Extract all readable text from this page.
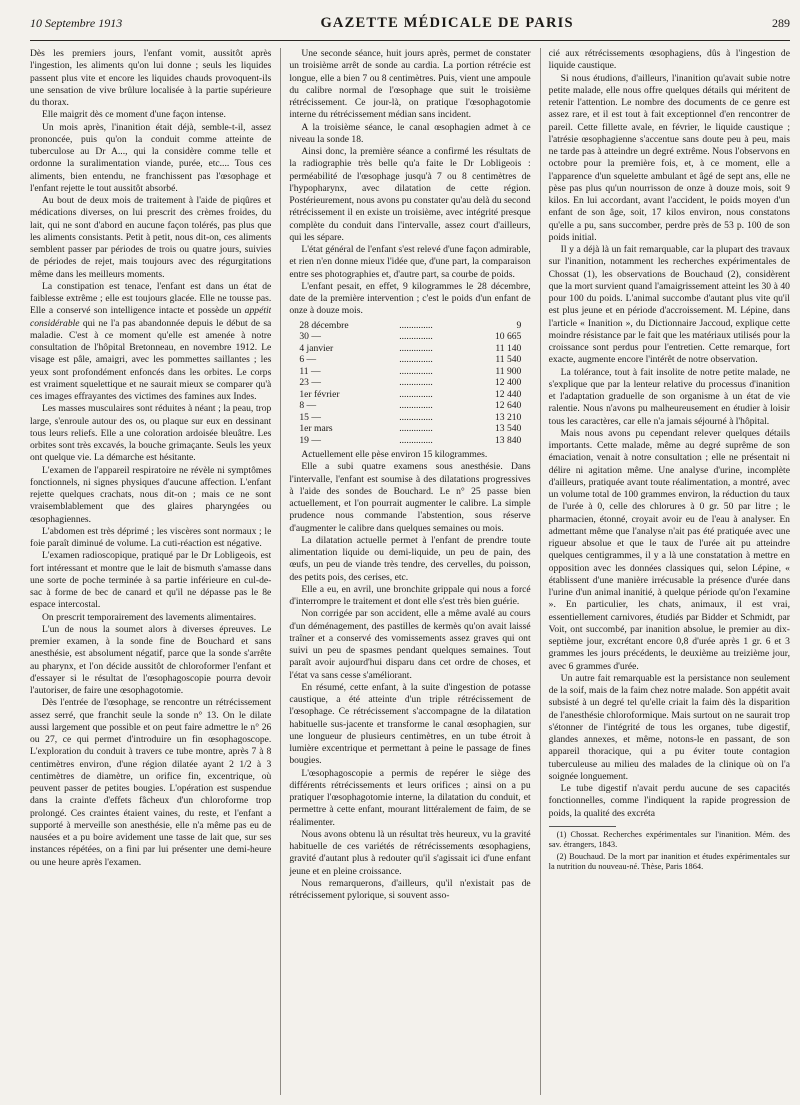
10 Septembre 1913	GAZETTE MÉDICALE DE PARIS	289

Dès les premiers jours, l'enfant vomit, aussitôt après l'ingestion, les aliments qu'on lui donne ; seuls les liquides passent plus vite et encore les liquides chauds provoquent-ils une sensation de vive brûlure localisée à la partie supérieure du thorax.

Elle maigrit dès ce moment d'une façon intense.

Un mois après, l'inanition était déjà, semble-t-il, assez prononcée, puis qu'on la conduit comme atteinte de tuberculose au Dr A..., qui la considère comme telle et ordonne la suralimentation viande, purée, etc.... Tous ces aliments, bien entendu, ne franchissent pas l'œsophage et l'enfant rejette le tout aussitôt absorbé.

Au bout de deux mois de traitement à l'aide de piqûres et médications diverses, on lui prescrit des crèmes froides, du lait, qui ne sont d'abord en aucune façon tolérés, pas plus que les aliments consistants. Petit à petit, nous dit-on, ces aliments semblent passer par périodes de trois ou quatre jours, suivies de périodes de rejet, mais toujours avec des régurgitations même dans les meilleurs moments.

La constipation est tenace, l'enfant est dans un état de faiblesse extrême ; elle est toujours glacée. Elle ne tousse pas. Elle a conservé son intelligence intacte et possède un appétit considérable qui ne l'a pas abandonnée depuis le début de sa maladie. C'est à ce moment qu'elle est amenée à notre consultation de l'hôpital Bretonneau, en novembre 1912. Le visage est pâle, amaigri, avec les pommettes saillantes ; les yeux sont profondément enfoncés dans les orbites. Le corps est vraiment squelettique et ne saurait mieux se comparer qu'à ces images effrayantes des victimes des famines aux Indes.

Les masses musculaires sont réduites à néant ; la peau, trop large, s'enroule autour des os, ou plaque sur eux en dessinant tous leurs reliefs. Elle a une coloration ardoisée bleuâtre. Les orbites sont très excavés, la bouche grimaçante. Seuls les yeux ont quelque vie. La démarche est hésitante.

L'examen de l'appareil respiratoire ne révèle ni symptômes fonctionnels, ni signes physiques d'aucune affection. L'enfant rejette quelques crachats, nous dit-on ; mais ce ne sont vraisemblablement que des glaires pharyngées ou œsophagiennes.

L'abdomen est très déprimé ; les viscères sont normaux ; le foie paraît diminué de volume. La cuti-réaction est négative.

L'examen radioscopique, pratiqué par le Dr Lobligeois, est fort intéressant et montre que le lait de bismuth s'amasse dans une sorte de poche terminée à sa partie inférieure en cul-de-sac à forme de bec de canard et qu'il ne dépasse pas le 8e espace intercostal.

On prescrit temporairement des lavements alimentaires.

L'un de nous la soumet alors à diverses épreuves. Le premier examen, à la sonde fine de Bouchard et sans anesthésie, est absolument négatif, parce que la sonde s'arrête au pharynx, et l'on décide aussitôt de chloroformer l'enfant et d'essayer si le résultat de l'œsophagoscopie pourra devoir l'autoriser, de faire une œsophagotomie.

Dès l'entrée de l'œsophage, se rencontre un rétrécissement assez serré, que franchit seule la sonde n° 13. On le dilate aussi largement que possible et on peut faire admettre le n° 26 ou 27, ce qui permet d'introduire un fin œsophagoscope. L'exploration du conduit à travers ce tube montre, après 7 à 8 centimètres environ, d'une région dilatée ayant 2 1/2 à 3 centimètres de diamètre, un orifice fin, excentrique, où peuvent passer de petites bougies. L'opération est suspendue dans la crainte d'effets fâcheux d'un chloroforme trop prolongé. Ces craintes étaient vaines, du reste, et l'enfant a supporté à merveille son anesthésie, elle n'a même pas eu de nausées et a pu boire avidement une tasse de lait que, sur ses instances répétées, on a fini par lui présenter une demi-heure ou une heure après l'examen.

Une seconde séance, huit jours après, permet de constater un troisième arrêt de sonde au cardia. La portion rétrécie est longue, elle a bien 7 ou 8 centimètres. Puis, vient une ampoule du calibre normal de l'œsophage que suit le troisième rétrécissement. Ce jour-là, on pratique l'œsophagotomie interne du rétrécissement médian sans incident.

A la troisième séance, le canal œsophagien admet à ce niveau la sonde 18.

Ainsi donc, la première séance a confirmé les résultats de la radiographie très belle qu'a faite le Dr Lobligeois : perméabilité de l'œsophage jusqu'à 7 ou 8 centimètres de l'hypopharynx, avec dilatation de cette région. Postérieurement, nous avons pu constater qu'au delà du second rétrécissement il en existe un troisième, avec intégrité presque complète du conduit dans l'intervalle, assez court d'ailleurs, qui les sépare.

L'état général de l'enfant s'est relevé d'une façon admirable, et rien n'en donne mieux l'idée que, d'une part, la comparaison entre ses photographies et, d'autre part, sa courbe de poids.

L'enfant pesait, en effet, 9 kilogrammes le 28 décembre, date de la première intervention ; c'est le poids d'un enfant de onze à douze mois.

28 décembre	..............	9
30 —	..............	10 665
4 janvier	..............	11 140
6 —	..............	11 540
11 —	..............	11 900
23 —	..............	12 400
1er février	..............	12 440
8 —	..............	12 640
15 —	..............	13 210
1er mars	..............	13 540
19 —	..............	13 840

Actuellement elle pèse environ 15 kilogrammes.

Elle a subi quatre examens sous anesthésie. Dans l'intervalle, l'enfant est soumise à des dilatations progressives à l'aide des sondes de Bouchard. Le n° 25 passe bien actuellement, et l'on pourrait augmenter le calibre. La simple prudence nous commande l'abstention, sous réserve d'augmenter le calibre dans quelques semaines ou mois.

La dilatation actuelle permet à l'enfant de prendre toute alimentation liquide ou demi-liquide, un peu de pain, des œufs, un peu de viande très tendre, des cervelles, du poisson, des petits pois, des cerises, etc.

Elle a eu, en avril, une bronchite grippale qui nous a forcé d'interrompre le traitement et dont elle s'est très bien guérie.

Non corrigée par son accident, elle a même avalé au cours d'un déménagement, des pastilles de kermès qu'on avait laissé traîner et a conservé des vomissements assez graves qui ont suivi un peu de spasmes pendant quelques semaines. Tout paraît avoir aujourd'hui disparu dans cet ordre de choses, et l'état va sans cesse s'améliorant.

En résumé, cette enfant, à la suite d'ingestion de potasse caustique, a été atteinte d'un triple rétrécissement de l'œsophage. Ce rétrécissement s'accompagne de la dilatation habituelle sus-jacente et transforme le canal œsophagien, sur une longueur de plusieurs centimètres, en un tube étroit à lumière excentrique et permettant à peine le passage de fines bougies.

L'œsophagoscopie a permis de repérer le siège des différents rétrécissements et leurs orifices ; ainsi on a pu pratiquer l'œsophagotomie interne, la dilatation du conduit, et permettre à cette enfant, mourant littéralement de faim, de se réalimenter.

Nous avons obtenu là un résultat très heureux, vu la gravité habituelle de ces variétés de rétrécissements œsophagiens, gravité d'autant plus à redouter qu'il s'agissait ici d'une enfant jeune et en pleine croissance.

Nous remarquerons, d'ailleurs, qu'il n'existait pas de rétrécissement pylorique, si souvent asso-

cié aux rétrécissements œsophagiens, dûs à l'ingestion de liquide caustique.

Si nous étudions, d'ailleurs, l'inanition qu'avait subie notre petite malade, elle nous offre quelques détails qui méritent de retenir l'attention. Le nombre des documents de ce genre est assez rare, et il est tout à fait exceptionnel d'en rencontrer de pareil. Cette fillette avale, en février, le liquide caustique ; l'atrésie œsophagienne s'accentue sans doute peu à peu, mais ne tarde pas à atteindre un degré extrême. Nous l'observons en octobre pour la première fois, et, à ce moment, elle a l'apparence d'un squelette ambulant et âgé de sept ans, elle ne pèse pas plus qu'un nourrisson de onze à douze mois, soit 9 kilos. En lui accordant, avant l'accident, le poids moyen d'un enfant de son âge, soit, 17 kilos environ, nous constatons qu'elle a pu, sans succomber, perdre près de 53 p. 100 de son poids initial.

Il y a déjà là un fait remarquable, car la plupart des travaux sur l'inanition, notamment les recherches expérimentales de Chossat (1), les observations de Bouchaud (2), considèrent que la mort survient quand l'amaigrissement atteint les 30 à 40 pour 100 du poids. L'animal succombe d'autant plus vite qu'il est plus jeune et en période d'accroissement. M. Lépine, dans l'article « Inanition », du Dictionnaire Jaccoud, explique cette moindre résistance par le fait que les matériaux utilisés pour la croissance sont perdus pour l'entretien. Cette remarque, fort exacte, augmente encore l'intérêt de notre observation.

La tolérance, tout à fait insolite de notre petite malade, ne s'explique que par la lenteur relative du processus d'inanition et l'adaptation graduelle de son organisme à un état de vie ralentie. Nous n'avons pu malheureusement en étudier à loisir tous les caractères, car elle n'a jamais séjourné à l'hôpital.

Mais nous avons pu cependant relever quelques détails importants. Cette malade, même au degré suprême de son émaciation, venait à notre consultation ; elle ne présentait ni délire ni agitation même. Une analyse d'urine, incomplète d'ailleurs, pratiquée avant toute réalimentation, a montré, avec un volume total de 100 grammes environ, la réduction du taux de l'urée à 0, celle des chlorures à 0 gr. 50 par litre ; le pharmacien, étonné, croyait avoir eu de l'eau à analyser. En admettant même que l'analyse n'ait pas été pratiquée avec une rigueur absolue et que le taux de l'urée ait pu atteindre quelques centigrammes, il y a là une constatation à mettre en opposition avec les données classiques qui, selon Lépine, « établissent d'une manière irrécusable la présence d'urée dans l'urine d'un animal inanitié, à quelque période qu'on l'examine ». En particulier, les chats, animaux, il est vrai, essentiellement carnivores, étudiés par Bidder et Schmidt, par Voit, ont succombé, par inanition absolue, le premier au dix-septième jour, excrétant encore 0,8 d'urée après 1 gr. 6 et 3 grammes les jours précédents, le deuxième au treizième jour, avec 6 grammes d'urée.

Un autre fait remarquable est la persistance non seulement de la soif, mais de la faim chez notre malade. Son appétit avait subsisté à un degré tel qu'elle criait la faim dès la disparition de l'anesthésie chloroformique. Mais surtout on ne saurait trop s'étonner de l'intégrité de tous les organes, tube digestif, glandes annexes, et même, notons-le en passant, de son appareil thoracique, qui a pu éviter toute contagion tuberculeuse au milieu des malades de la clinique où on l'a soignée longuement.

Le tube digestif n'avait perdu aucune de ses capacités fonctionnelles, comme l'indiquent la rapide progression de poids, la qualité des excréta

(1) Chossat. Recherches expérimentales sur l'inanition. Mém. des sav. étrangers, 1843.

(2) Bouchaud. De la mort par inanition et études expérimentales sur la nutrition du nouveau-né. Thèse, Paris 1864.
